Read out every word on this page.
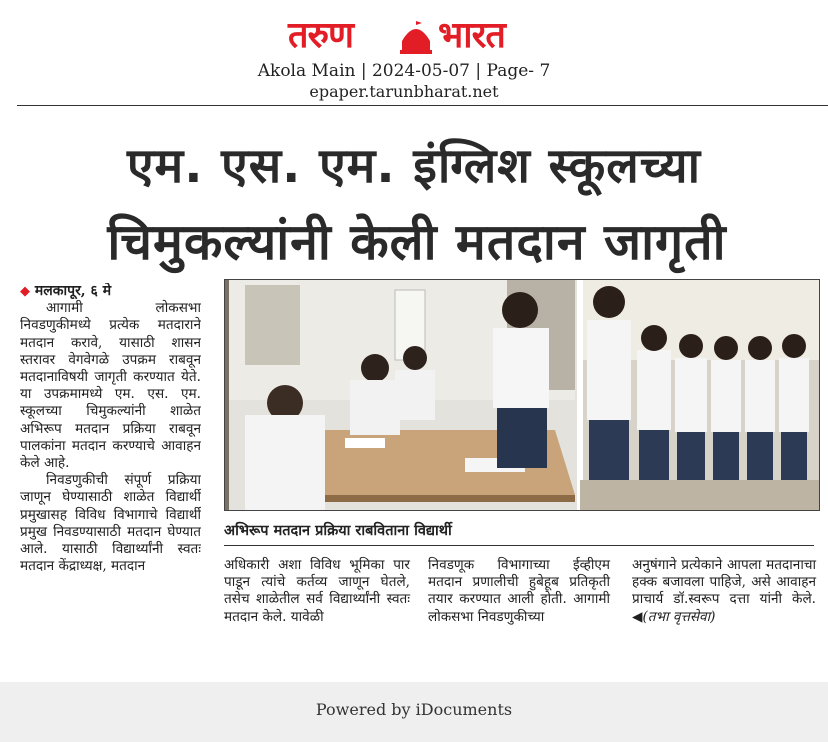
तरुण भारत
Akola Main | 2024-05-07 | Page- 7
epaper.tarunbharat.net
एम. एस. एम. इंग्लिश स्कूलच्या
चिमुकल्यांनी केली मतदान जागृती

◆ मलकापूर, ६ मे

आगामी लोकसभा निवडणुकीमध्ये प्रत्येक मतदाराने मतदान करावे, यासाठी शासन स्तरावर वेगवेगळे उपक्रम राबवून मतदानाविषयी जागृती करण्यात येते. या उपक्रमामध्ये एम. एस. एम. स्कूलच्या चिमुकल्यांनी शाळेत अभिरूप मतदान प्रक्रिया राबवून पालकांना मतदान करण्याचे आवाहन केले आहे.

निवडणुकीची संपूर्ण प्रक्रिया जाणून घेण्यासाठी शाळेत विद्यार्थी प्रमुखासह विविध विभागाचे विद्यार्थी प्रमुख निवडण्यासाठी मतदान घेण्यात आले. यासाठी विद्यार्थ्यांनी स्वतः मतदान केंद्राध्यक्ष, मतदान

अभिरूप मतदान प्रक्रिया राबविताना विद्यार्थी

अधिकारी अशा विविध भूमिका पार पाडून त्यांचे कर्तव्य जाणून घेतले, तसेच शाळेतील सर्व विद्यार्थ्यांनी स्वतः मतदान केले. यावेळी

निवडणूक विभागाच्या ईव्हीएम मतदान प्रणालीची हुबेहूब प्रतिकृती तयार करण्यात आली होती. आगामी लोकसभा निवडणुकीच्या

अनुषंगाने प्रत्येकाने आपला मतदानाचा हक्क बजावला पाहिजे, असे आवाहन प्राचार्य डॉ.स्वरूप दत्ता यांनी केले. ◀(तभा वृत्तसेवा)

Powered by iDocuments
